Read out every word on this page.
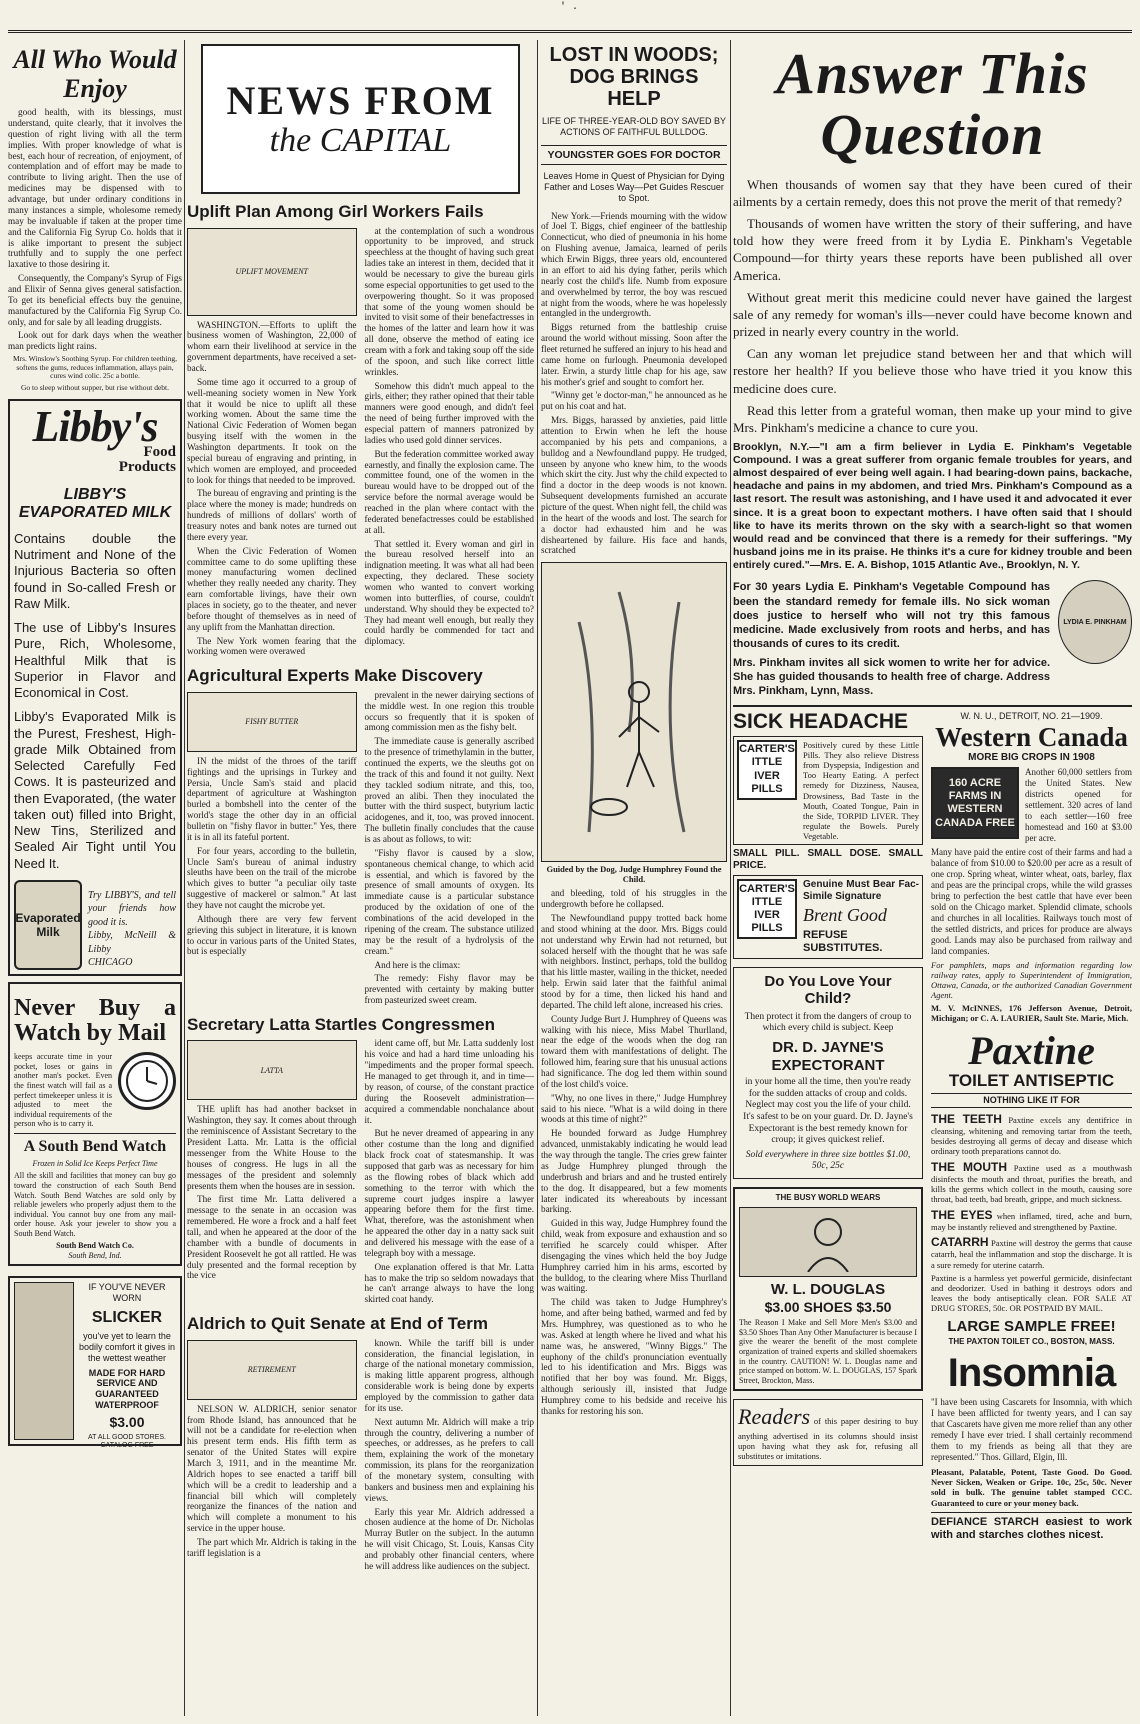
' .
All Who Would Enjoy

good health, with its blessings, must understand, quite clearly, that it involves the question of right living with all the term implies. With proper knowledge of what is best, each hour of recreation, of enjoyment, of contemplation and of effort may be made to contribute to living aright. Then the use of medicines may be dispensed with to advantage, but under ordinary conditions in many instances a simple, wholesome remedy may be invaluable if taken at the proper time and the California Fig Syrup Co. holds that it is alike important to present the subject truthfully and to supply the one perfect laxative to those desiring it.

Consequently, the Company's Syrup of Figs and Elixir of Senna gives general satisfaction. To get its beneficial effects buy the genuine, manufactured by the California Fig Syrup Co. only, and for sale by all leading druggists.

Look out for dark days when the weather man predicts light rains.

Mrs. Winslow's Soothing Syrup. For children teething, softens the gums, reduces inflammation, allays pain, cures wind colic. 25c a bottle.
Go to sleep without supper, but rise without debt.
Libby's
Food
Products
LIBBY'S EVAPORATED MILK
Contains double the Nutriment and None of the Injurious Bacteria so often found in So-called Fresh or Raw Milk.
The use of Libby's Insures Pure, Rich, Wholesome, Healthful Milk that is Superior in Flavor and Economical in Cost.
Libby's Evaporated Milk is the Purest, Freshest, High-grade Milk Obtained from Selected Carefully Fed Cows. It is pasteurized and then Evaporated, (the water taken out) filled into Bright, New Tins, Sterilized and Sealed Air Tight until You Need It.
Evaporated Milk
Try LIBBY'S, and tell your friends how good it is.
Libby, McNeill & Libby
CHICAGO
Never Buy a Watch by Mail
keeps accurate time in your pocket, loses or gains in another man's pocket. Even the finest watch will fail as a perfect timekeeper unless it is adjusted to meet the individual requirements of the person who is to carry it.
A South Bend Watch
Frozen in Solid Ice Keeps Perfect Time
All the skill and facilities that money can buy go toward the construction of each South Bend Watch. South Bend Watches are sold only by reliable jewelers who properly adjust them to the individual. You cannot buy one from any mail-order house. Ask your jeweler to show you a South Bend Watch.
South Bend Watch Co.
South Bend, Ind.
IF YOU'VE NEVER WORN
SLICKER
you've yet to learn the bodily comfort it gives in the wettest weather
MADE FOR HARD SERVICE AND GUARANTEED WATERPROOF
$3.00
AT ALL GOOD STORES. CATALOG FREE
NEWS FROM
the CAPITAL
Uplift Plan Among Girl Workers Fails
UPLIFT MOVEMENT

WASHINGTON.—Efforts to uplift the business women of Washington, 22,000 of whom earn their livelihood at service in the government departments, have received a set-back.

Some time ago it occurred to a group of well-meaning society women in New York that it would be nice to uplift all these working women. About the same time the National Civic Federation of Women began busying itself with the women in the Washington departments. It took on the special bureau of engraving and printing, in which women are employed, and proceeded to look for things that needed to be improved.

The bureau of engraving and printing is the place where the money is made; hundreds on hundreds of millions of dollars' worth of treasury notes and bank notes are turned out there every year.

When the Civic Federation of Women committee came to do some uplifting these money manufacturing women declined whether they really needed any charity. They earn comfortable livings, have their own places in society, go to the theater, and never before thought of themselves as in need of any uplift from the Manhattan direction.

The New York women fearing that the working women were overawed

at the contemplation of such a wondrous opportunity to be improved, and struck speechless at the thought of having such great ladies take an interest in them, decided that it would be necessary to give the bureau girls some especial opportunities to get used to the overpowering thought. So it was proposed that some of the young women should be invited to visit some of their benefactresses in the homes of the latter and learn how it was all done, observe the method of eating ice cream with a fork and taking soup off the side of the spoon, and such like correct little wrinkles.

Somehow this didn't much appeal to the girls, either; they rather opined that their table manners were good enough, and didn't feel the need of being further improved with the especial pattern of manners patronized by ladies who used gold dinner services.

But the federation committee worked away earnestly, and finally the explosion came. The committee found, one of the women in the bureau would have to be dropped out of the service before the normal average would be reached in the plan where contact with the federated benefactresses could be established at all.

That settled it. Every woman and girl in the bureau resolved herself into an indignation meeting. It was what all had been expecting, they declared. These society women who wanted to convert working women into butterflies, of course, couldn't understand. Why should they be expected to? They had meant well enough, but really they could hardly be commended for tact and diplomacy.

Agricultural Experts Make Discovery
FISHY BUTTER

IN the midst of the throes of the tariff fightings and the uprisings in Turkey and Persia, Uncle Sam's staid and placid department of agriculture at Washington burled a bombshell into the center of the world's stage the other day in an official bulletin on "fishy flavor in butter." Yes, there it is in all its fateful portent.

For four years, according to the bulletin, Uncle Sam's bureau of animal industry sleuths have been on the trail of the microbe which gives to butter "a peculiar oily taste suggestive of mackerel or salmon." At last they have not caught the microbe yet.

Although there are very few fervent grieving this subject in literature, it is known to occur in various parts of the United States, but is especially

prevalent in the newer dairying sections of the middle west. In one region this trouble occurs so frequently that it is spoken of among commission men as the fishy belt.

The immediate cause is generally ascribed to the presence of trimethylamin in the butter, continued the experts, we the sleuths got on the track of this and found it not guilty. Next they tackled sodium nitrate, and this, too, proved an alibi. Then they inoculated the butter with the third suspect, butyrium lactic acidogenes, and it, too, was proved innocent. The bulletin finally concludes that the cause is as about as follows, to wit:

"Fishy flavor is caused by a slow, spontaneous chemical change, to which acid is essential, and which is favored by the presence of small amounts of oxygen. Its immediate cause is a particular substance produced by the oxidation of one of the combinations of the acid developed in the ripening of the cream. The substance utilized may be the result of a hydrolysis of the cream."

And here is the climax:

The remedy: Fishy flavor may be prevented with certainty by making butter from pasteurized sweet cream.

Secretary Latta Startles Congressmen
LATTA

THE uplift has had another backset in Washington, they say. It comes about through the reminiscence of Assistant Secretary to the President Latta. Mr. Latta is the official messenger from the White House to the houses of congress. He lugs in all the messages of the president and solemnly presents them when the houses are in session.

The first time Mr. Latta delivered a message to the senate in an occasion was remembered. He wore a frock and a half feet tall, and when he appeared at the door of the chamber with a bundle of documents in President Roosevelt he got all rattled. He was duly presented and the formal reception by the vice

ident came off, but Mr. Latta suddenly lost his voice and had a hard time unloading his "impediments and the proper formal speech. He managed to get through it, and in time—by reason, of course, of the constant practice during the Roosevelt administration—acquired a commendable nonchalance about it.

But he never dreamed of appearing in any other costume than the long and dignified black frock coat of statesmanship. It was supposed that garb was as necessary for him as the flowing robes of black which add something to the terror with which the supreme court judges inspire a lawyer appearing before them for the first time. What, therefore, was the astonishment when he appeared the other day in a natty sack suit and delivered his message with the ease of a telegraph boy with a message.

One explanation offered is that Mr. Latta has to make the trip so seldom nowadays that he can't arrange always to have the long skirted coat handy.

Aldrich to Quit Senate at End of Term
RETIREMENT

NELSON W. ALDRICH, senior senator from Rhode Island, has announced that he will not be a candidate for re-election when his present term ends. His fifth term as senator of the United States will expire March 3, 1911, and in the meantime Mr. Aldrich hopes to see enacted a tariff bill which will be a credit to leadership and a financial bill which will completely reorganize the finances of the nation and which will complete a monument to his service in the upper house.

The part which Mr. Aldrich is taking in the tariff legislation is a

known. While the tariff bill is under consideration, the financial legislation, in charge of the national monetary commission, is making little apparent progress, although considerable work is being done by experts employed by the commission to gather data for its use.

Next autumn Mr. Aldrich will make a trip through the country, delivering a number of speeches, or addresses, as he prefers to call them, explaining the work of the monetary commission, its plans for the reorganization of the monetary system, consulting with bankers and business men and explaining his views.

Early this year Mr. Aldrich addressed a chosen audience at the home of Dr. Nicholas Murray Butler on the subject. In the autumn he will visit Chicago, St. Louis, Kansas City and probably other financial centers, where he will address like audiences on the subject.

LOST IN WOODS; DOG BRINGS HELP
LIFE OF THREE-YEAR-OLD BOY SAVED BY ACTIONS OF FAITHFUL BULLDOG.
YOUNGSTER GOES FOR DOCTOR
Leaves Home in Quest of Physician for Dying Father and Loses Way—Pet Guides Rescuer to Spot.

New York.—Friends mourning with the widow of Joel T. Biggs, chief engineer of the battleship Connecticut, who died of pneumonia in his home on Flushing avenue, Jamaica, learned of perils which Erwin Biggs, three years old, encountered in an effort to aid his dying father, perils which nearly cost the child's life. Numb from exposure and overwhelmed by terror, the boy was rescued at night from the woods, where he was hopelessly entangled in the undergrowth.

Biggs returned from the battleship cruise around the world without missing. Soon after the fleet returned he suffered an injury to his head and came home on furlough. Pneumonia developed later. Erwin, a sturdy little chap for his age, saw his mother's grief and sought to comfort her.

"Winny get 'e doctor-man," he announced as he put on his coat and hat.

Mrs. Biggs, harassed by anxieties, paid little attention to Erwin when he left the house accompanied by his pets and companions, a bulldog and a Newfoundland puppy. He trudged, unseen by anyone who knew him, to the woods which skirt the city. Just why the child expected to find a doctor in the deep woods is not known. Subsequent developments furnished an accurate picture of the quest. When night fell, the child was in the heart of the woods and lost. The search for a doctor had exhausted him and he was disheartened by failure. His face and hands, scratched

Guided by the Dog, Judge Humphrey Found the Child.

and bleeding, told of his struggles in the undergrowth before he collapsed.

The Newfoundland puppy trotted back home and stood whining at the door. Mrs. Biggs could not understand why Erwin had not returned, but solaced herself with the thought that he was safe with neighbors. Instinct, perhaps, told the bulldog that his little master, wailing in the thicket, needed help. Erwin said later that the faithful animal stood by for a time, then licked his hand and departed. The child left alone, increased his cries.

County Judge Burt J. Humphrey of Queens was walking with his niece, Miss Mabel Thurlland, near the edge of the woods when the dog ran toward them with manifestations of delight. The followed him, fearing sure that his unusual actions had significance. The dog led them within sound of the lost child's voice.

"Why, no one lives in there," Judge Humphrey said to his niece. "What is a wild doing in there woods at this time of night?"

He bounded forward as Judge Humphrey advanced, unmistakably indicating he would lead the way through the tangle. The cries grew fainter as Judge Humphrey plunged through the underbrush and briars and and he trusted entirely to the dog. It disappeared, but a few moments later indicated its whereabouts by incessant barking.

Guided in this way, Judge Humphrey found the child, weak from exposure and exhaustion and so terrified he scarcely could whisper. After disengaging the vines which held the boy Judge Humphrey carried him in his arms, escorted by the bulldog, to the clearing where Miss Thurlland was waiting.

The child was taken to Judge Humphrey's home, and after being bathed, warmed and fed by Mrs. Humphrey, was questioned as to who he was. Asked at length where he lived and what his name was, he answered, "Winny Biggs." The euphony of the child's pronunciation eventually led to his identification and Mrs. Biggs was notified that her boy was found. Mr. Biggs, although seriously ill, insisted that Judge Humphrey come to his bedside and receive his thanks for restoring his son.

Answer This Question

When thousands of women say that they have been cured of their ailments by a certain remedy, does this not prove the merit of that remedy?

Thousands of women have written the story of their suffering, and have told how they were freed from it by Lydia E. Pinkham's Vegetable Compound—for thirty years these reports have been published all over America.

Without great merit this medicine could never have gained the largest sale of any remedy for woman's ills—never could have become known and prized in nearly every country in the world.

Can any woman let prejudice stand between her and that which will restore her health? If you believe those who have tried it you know this medicine does cure.

Read this letter from a grateful woman, then make up your mind to give Mrs. Pinkham's medicine a chance to cure you.

Brooklyn, N.Y.—"I am a firm believer in Lydia E. Pinkham's Vegetable Compound. I was a great sufferer from organic female troubles for years, and almost despaired of ever being well again. I had bearing-down pains, backache, headache and pains in my abdomen, and tried Mrs. Pinkham's Compound as a last resort. The result was astonishing, and I have used it and advocated it ever since. It is a great boon to expectant mothers. I have often said that I should like to have its merits thrown on the sky with a search-light so that women would read and be convinced that there is a remedy for their sufferings. "My husband joins me in its praise. He thinks it's a cure for kidney trouble and been entirely cured."—Mrs. E. A. Bishop, 1015 Atlantic Ave., Brooklyn, N. Y.
For 30 years Lydia E. Pinkham's Vegetable Compound has been the standard remedy for female ills. No sick woman does justice to herself who will not try this famous medicine. Made exclusively from roots and herbs, and has thousands of cures to its credit.
Mrs. Pinkham invites all sick women to write her for advice. She has guided thousands to health free of charge. Address Mrs. Pinkham, Lynn, Mass.
LYDIA E. PINKHAM
SICK HEADACHE
CARTER'S ITTLE IVER PILLS
Positively cured by these Little Pills. They also relieve Distress from Dyspepsia, Indigestion and Too Hearty Eating. A perfect remedy for Dizziness, Nausea, Drowsiness, Bad Taste in the Mouth, Coated Tongue, Pain in the Side, TORPID LIVER. They regulate the Bowels. Purely Vegetable.
SMALL PILL. SMALL DOSE. SMALL PRICE.
CARTER'S ITTLE IVER PILLS
Genuine Must Bear Fac-Simile Signature
Brent Good
REFUSE SUBSTITUTES.
Do You Love Your Child?
Then protect it from the dangers of croup to which every child is subject. Keep
DR. D. JAYNE'S EXPECTORANT
in your home all the time, then you're ready for the sudden attacks of croup and colds. Neglect may cost you the life of your child. It's safest to be on your guard. Dr. D. Jayne's Expectorant is the best remedy known for croup; it gives quickest relief.
Sold everywhere in three size bottles $1.00, 50c, 25c
THE BUSY WORLD WEARS
W. L. DOUGLAS
$3.00 SHOES $3.50
The Reason I Make and Sell More Men's $3.00 and $3.50 Shoes Than Any Other Manufacturer is because I give the wearer the benefit of the most complete organization of trained experts and skilled shoemakers in the country. CAUTION! W. L. Douglas name and price stamped on bottom. W. L. DOUGLAS, 157 Spark Street, Brockton, Mass.
Readers of this paper desiring to buy anything advertised in its columns should insist upon having what they ask for, refusing all substitutes or imitations.
W. N. U., DETROIT, NO. 21—1909.
Western Canada
MORE BIG CROPS IN 1908
160 ACRE FARMS IN WESTERN CANADA FREE
Another 60,000 settlers from the United States. New districts opened for settlement. 320 acres of land to each settler—160 free homestead and 160 at $3.00 per acre.
Many have paid the entire cost of their farms and had a balance of from $10.00 to $20.00 per acre as a result of one crop. Spring wheat, winter wheat, oats, barley, flax and peas are the principal crops, while the wild grasses bring to perfection the best cattle that have ever been sold on the Chicago market. Splendid climate, schools and churches in all localities. Railways touch most of the settled districts, and prices for produce are always good. Lands may also be purchased from railway and land companies.
For pamphlets, maps and information regarding low railway rates, apply to Superintendent of Immigration, Ottawa, Canada, or the authorized Canadian Government Agent.
M. V. McINNES, 176 Jefferson Avenue, Detroit, Michigan; or C. A. LAURIER, Sault Ste. Marie, Mich.
Paxtine
TOILET ANTISEPTIC
NOTHING LIKE IT FOR
THE TEETH Paxtine excels any dentifrice in cleansing, whitening and removing tartar from the teeth, besides destroying all germs of decay and disease which ordinary tooth preparations cannot do.
THE MOUTH Paxtine used as a mouthwash disinfects the mouth and throat, purifies the breath, and kills the germs which collect in the mouth, causing sore throat, bad teeth, bad breath, grippe, and much sickness.
THE EYES when inflamed, tired, ache and burn, may be instantly relieved and strengthened by Paxtine.
CATARRH Paxtine will destroy the germs that cause catarrh, heal the inflammation and stop the discharge. It is a sure remedy for uterine catarrh.
Paxtine is a harmless yet powerful germicide, disinfectant and deodorizer. Used in bathing it destroys odors and leaves the body antiseptically clean. FOR SALE AT DRUG STORES, 50c. OR POSTPAID BY MAIL.
LARGE SAMPLE FREE!
THE PAXTON TOILET CO., BOSTON, MASS.
Insomnia
"I have been using Cascarets for Insomnia, with which I have been afflicted for twenty years, and I can say that Cascarets have given me more relief than any other remedy I have ever tried. I shall certainly recommend them to my friends as being all that they are represented." Thos. Gillard, Elgin, Ill.
Pleasant, Palatable, Potent, Taste Good. Do Good. Never Sicken, Weaken or Gripe. 10c, 25c, 50c. Never sold in bulk. The genuine tablet stamped CCC. Guaranteed to cure or your money back.
DEFIANCE STARCH easiest to work with and starches clothes nicest.
